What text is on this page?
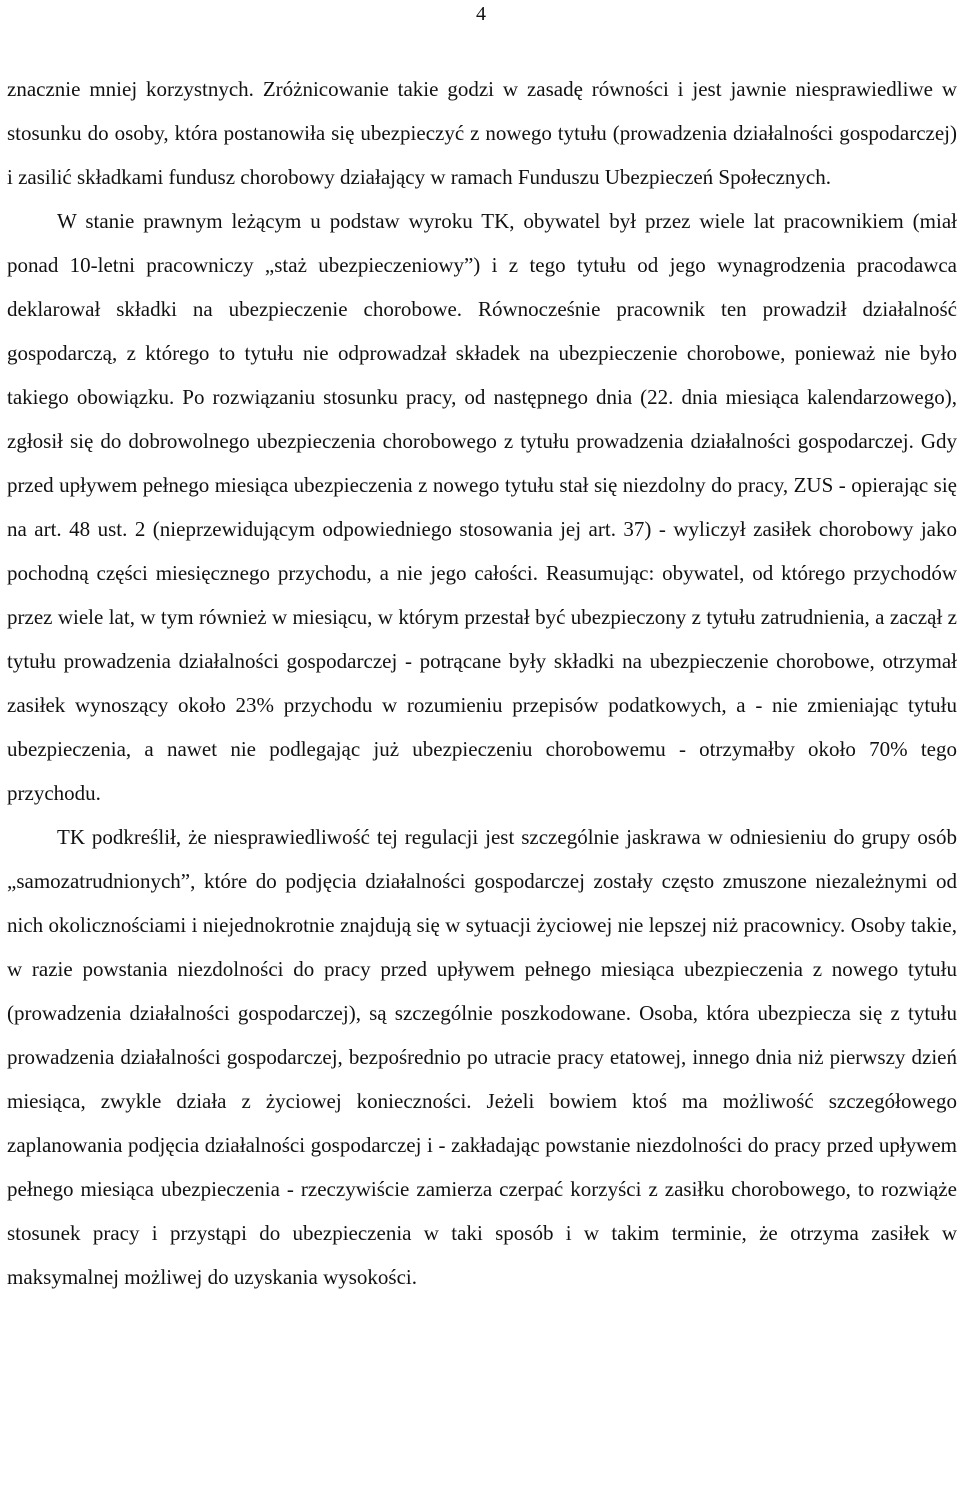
4

znacznie mniej korzystnych. Zróżnicowanie takie godzi w zasadę równości i jest jawnie niesprawiedliwe w stosunku do osoby, która postanowiła się ubezpieczyć z nowego tytułu (prowadzenia działalności gospodarczej) i zasilić składkami fundusz chorobowy działający w ramach Funduszu Ubezpieczeń Społecznych.

W stanie prawnym leżącym u podstaw wyroku TK, obywatel był przez wiele lat pracownikiem (miał ponad 10-letni pracowniczy „staż ubezpieczeniowy”) i z tego tytułu od jego wynagrodzenia pracodawca deklarował składki na ubezpieczenie chorobowe. Równocześnie pracownik ten prowadził działalność gospodarczą, z którego to tytułu nie odprowadzał składek na ubezpieczenie chorobowe, ponieważ nie było takiego obowiązku. Po rozwiązaniu stosunku pracy, od następnego dnia (22. dnia miesiąca kalendarzowego), zgłosił się do dobrowolnego ubezpieczenia chorobowego z tytułu prowadzenia działalności gospodarczej. Gdy przed upływem pełnego miesiąca ubezpieczenia z nowego tytułu stał się niezdolny do pracy, ZUS - opierając się na art. 48 ust. 2 (nieprzewidującym odpowiedniego stosowania jej art. 37) - wyliczył zasiłek chorobowy jako pochodną części miesięcznego przychodu, a nie jego całości. Reasumując: obywatel, od którego przychodów przez wiele lat, w tym również w miesiącu, w którym przestał być ubezpieczony z tytułu zatrudnienia, a zaczął z tytułu prowadzenia działalności gospodarczej - potrącane były składki na ubezpieczenie chorobowe, otrzymał zasiłek wynoszący około 23% przychodu w rozumieniu przepisów podatkowych, a - nie zmieniając tytułu ubezpieczenia, a nawet nie podlegając już ubezpieczeniu chorobowemu - otrzymałby około 70% tego przychodu.

TK podkreślił, że niesprawiedliwość tej regulacji jest szczególnie jaskrawa w odniesieniu do grupy osób „samozatrudnionych”, które do podjęcia działalności gospodarczej zostały często zmuszone niezależnymi od nich okolicznościami i niejednokrotnie znajdują się w sytuacji życiowej nie lepszej niż pracownicy. Osoby takie, w razie powstania niezdolności do pracy przed upływem pełnego miesiąca ubezpieczenia z nowego tytułu (prowadzenia działalności gospodarczej), są szczególnie poszkodowane. Osoba, która ubezpiecza się z tytułu prowadzenia działalności gospodarczej, bezpośrednio po utracie pracy etatowej, innego dnia niż pierwszy dzień miesiąca, zwykle działa z życiowej konieczności. Jeżeli bowiem ktoś ma możliwość szczegółowego zaplanowania podjęcia działalności gospodarczej i - zakładając powstanie niezdolności do pracy przed upływem pełnego miesiąca ubezpieczenia - rzeczywiście zamierza czerpać korzyści z zasiłku chorobowego, to rozwiąże stosunek pracy i przystąpi do ubezpieczenia w taki sposób i w takim terminie, że otrzyma zasiłek w maksymalnej możliwej do uzyskania wysokości.
